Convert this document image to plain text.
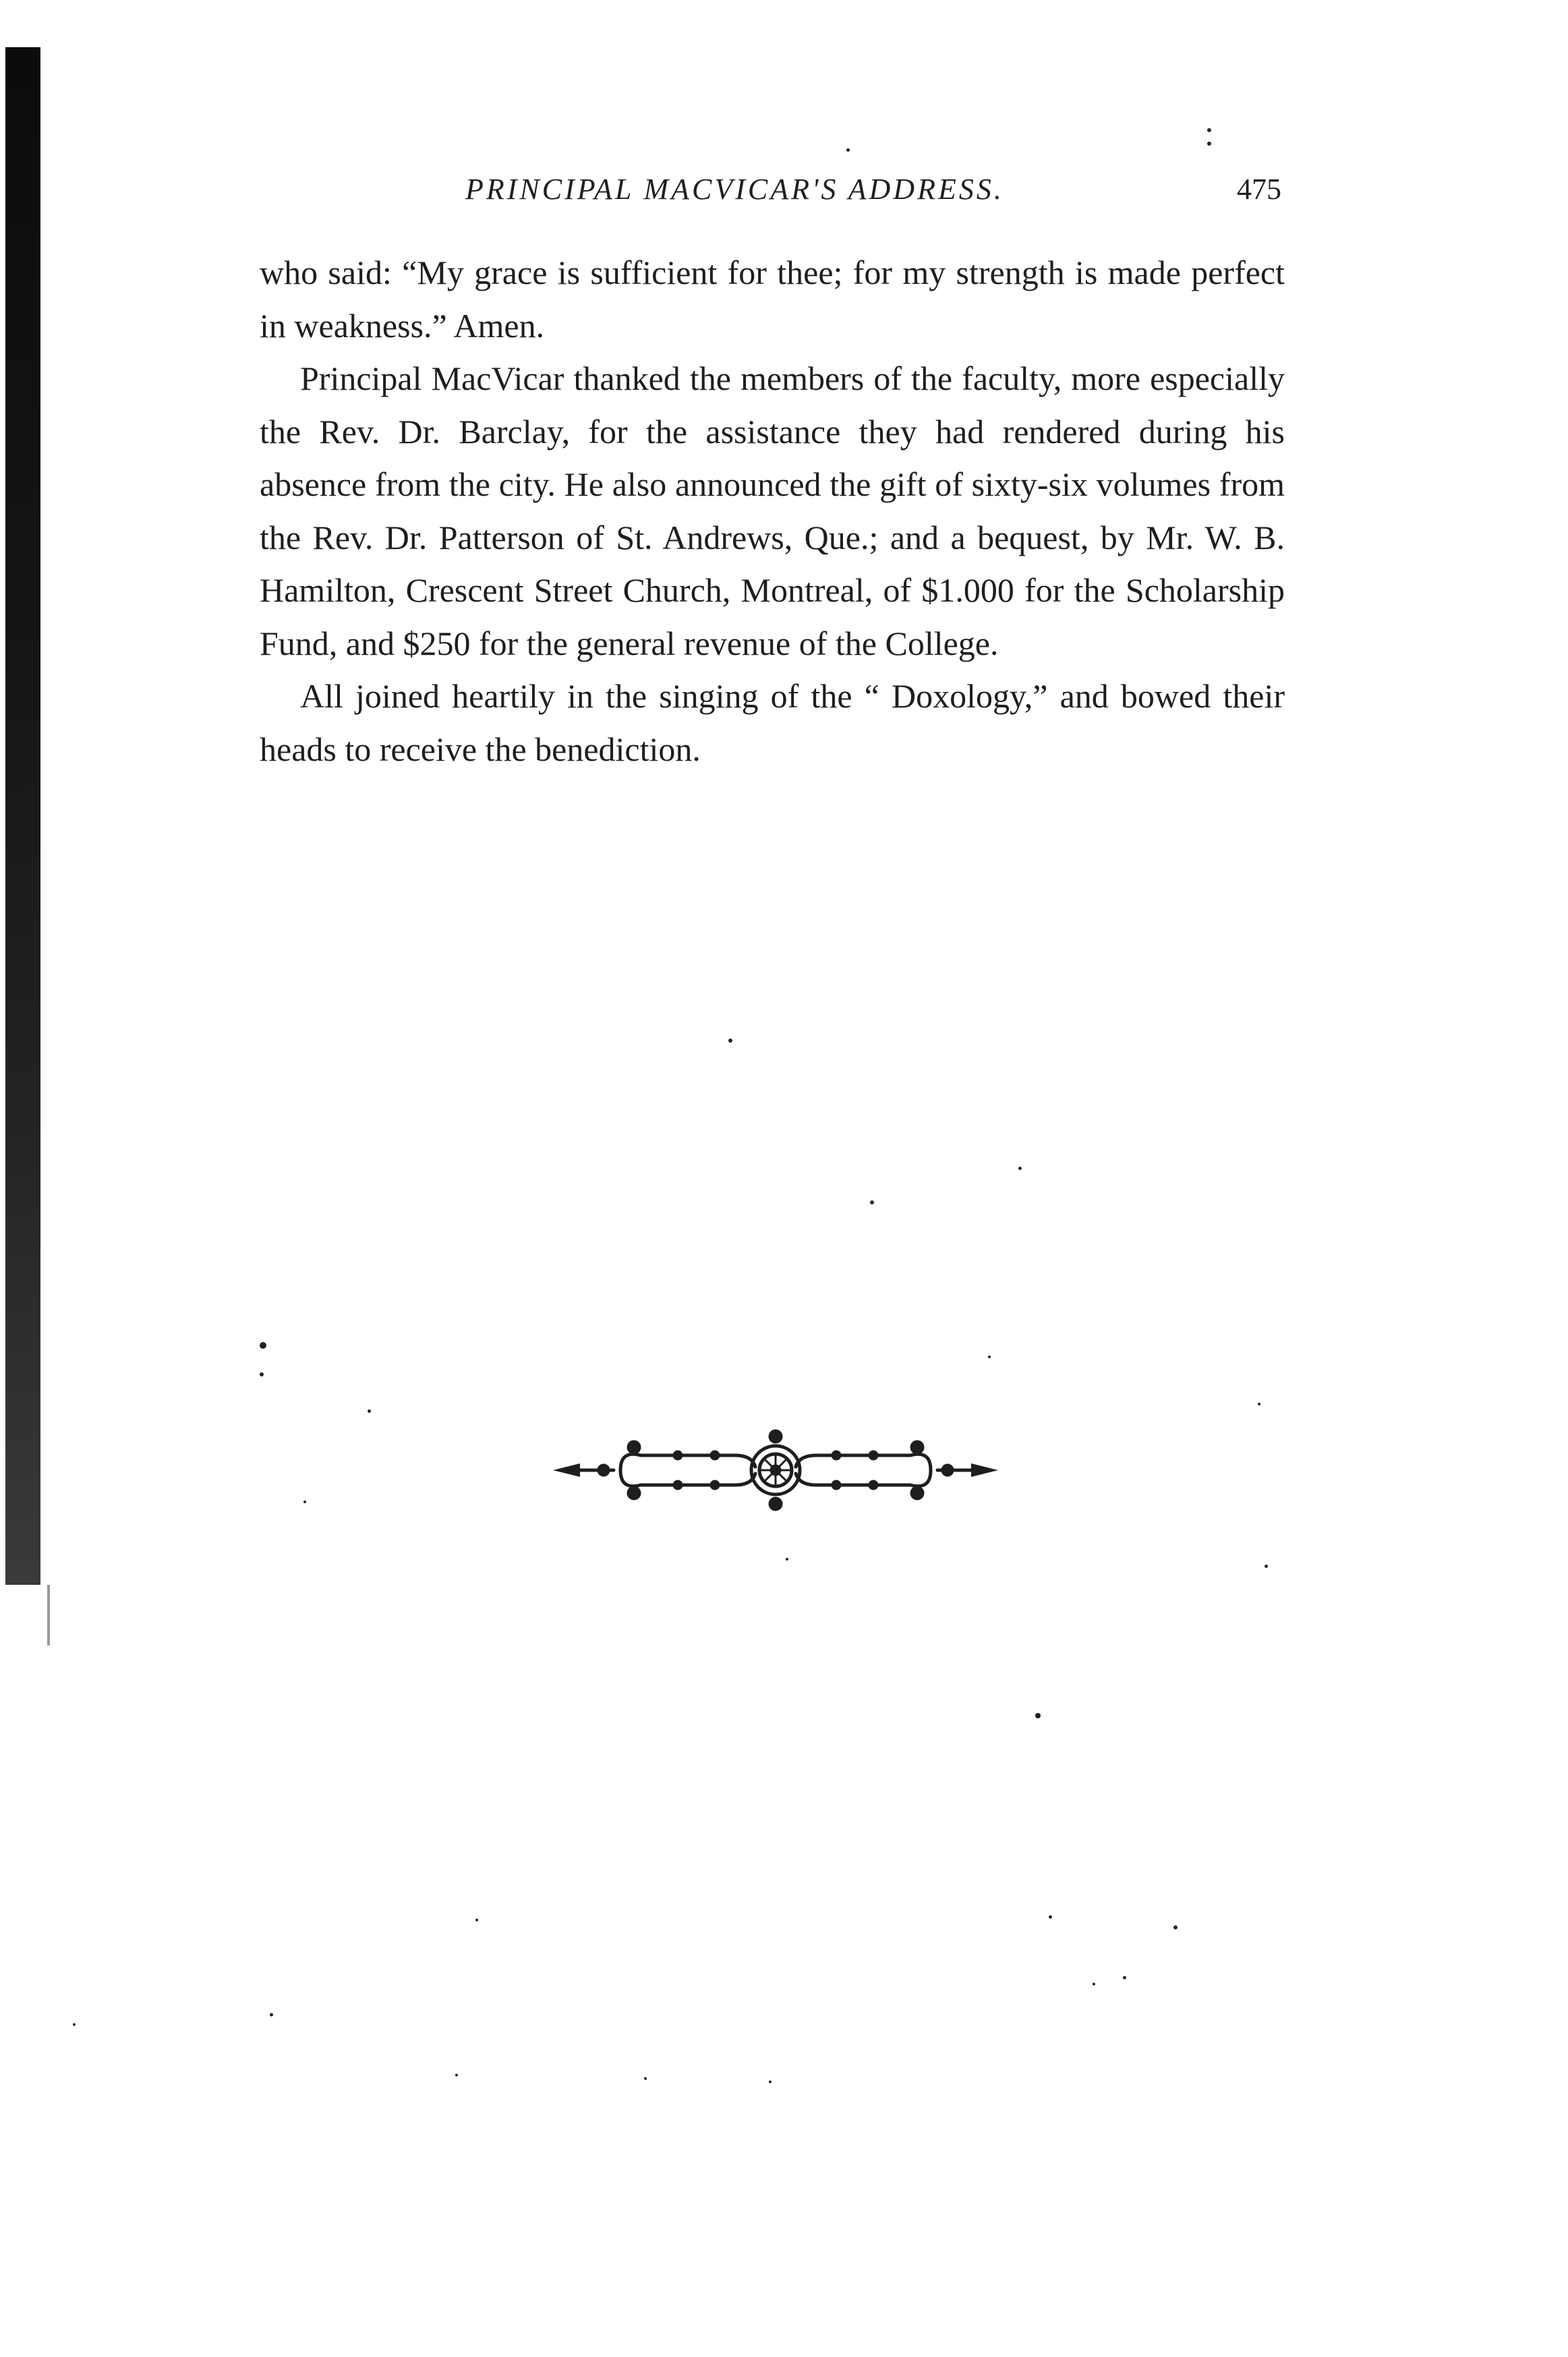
PRINCIPAL MACVICAR'S ADDRESS.	475

who said: “My grace is sufficient for thee; for my strength is made perfect in weakness.” Amen.

Principal MacVicar thanked the members of the faculty, more especially the Rev. Dr. Barclay, for the assistance they had rendered during his absence from the city. He also announced the gift of sixty-six volumes from the Rev. Dr. Patterson of St. Andrews, Que.; and a bequest, by Mr. W. B. Hamilton, Crescent Street Church, Montreal, of $1.000 for the Scholarship Fund, and $250 for the general revenue of the College.

All joined heartily in the singing of the “ Doxology,” and bowed their heads to receive the benediction.
